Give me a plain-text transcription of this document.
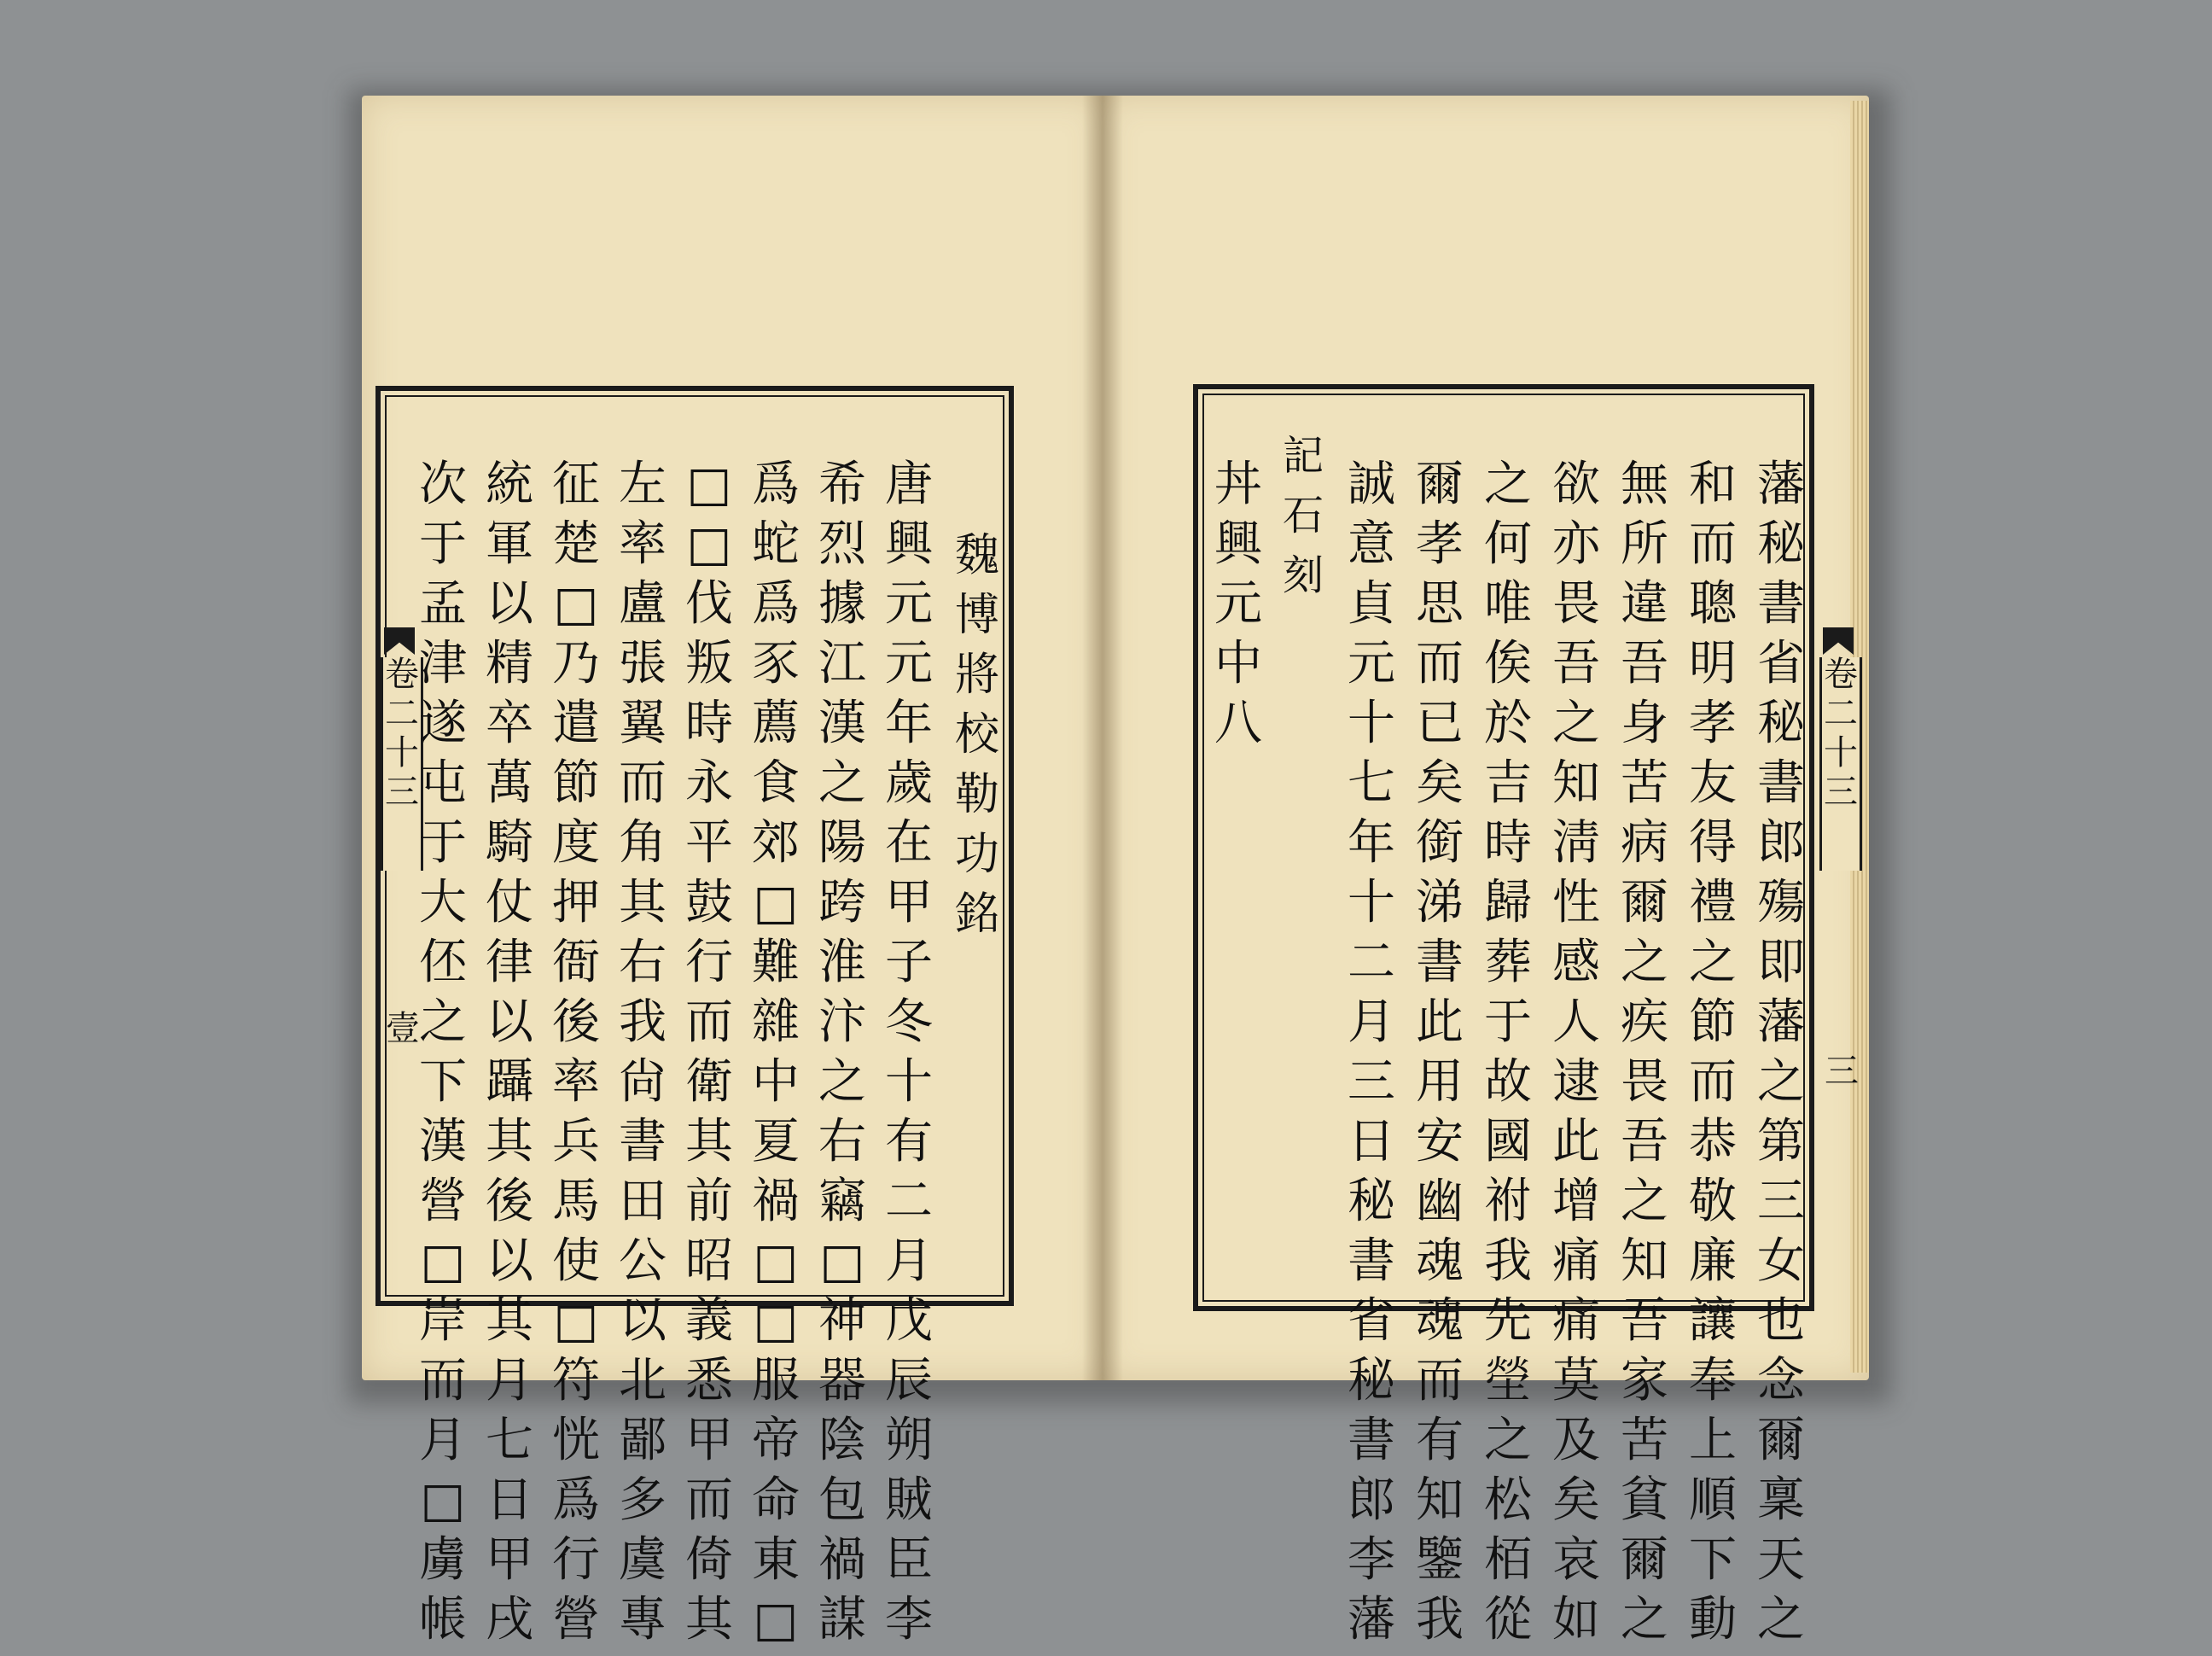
卷
二
十
三
壹
魏
博
將
校
勒
功
銘
唐
興
元
元
年
歲
在
甲
子
冬
十
有
二
月
戊
辰
朔
賊
臣
李
希
烈
據
江
漢
之
陽
跨
淮
汴
之
右
竊
□
神
器
陰
包
禍
謀
爲
蛇
爲
豕
薦
食
郊
□
難
雜
中
夏
禍
□
□
服
帝
命
東
□
□
□
伐
叛
時
永
平
鼓
行
而
衛
其
前
昭
義
悉
甲
而
倚
其
左
率
盧
張
翼
而
角
其
右
我
尙
書
田
公
以
北
鄙
多
虞
專
征
楚
□
乃
遣
節
度
押
衙
後
率
兵
馬
使
□
符
恍
爲
行
營
統
軍
以
精
卒
萬
騎
仗
律
以
躡
其
後
以
其
月
七
日
甲
戌
次
于
孟
津
遂
屯
于
大
伾
之
下
漢
營
□
岸
而
月
□
虜
帳
卷
二
十
三
三
藩
秘
書
省
秘
書
郎
殤
即
藩
之
第
三
女
也
念
爾
稟
天
之
和
而
聰
明
孝
友
得
禮
之
節
而
恭
敬
廉
讓
奉
上
順
下
動
無
所
違
吾
身
苦
病
爾
之
疾
畏
吾
之
知
吾
家
苦
貧
爾
之
欲
亦
畏
吾
之
知
淸
性
感
人
逮
此
增
痛
痛
莫
及
矣
哀
如
之
何
唯
俟
於
吉
時
歸
葬
于
故
國
祔
我
先
塋
之
松
栢
從
爾
孝
思
而
已
矣
銜
涕
書
此
用
安
幽
魂
魂
而
有
知
鑒
我
誠
意
貞
元
十
七
年
十
二
月
三
日
秘
書
省
秘
書
郎
李
藩
記
石
刻
丼
興
元
中
八
